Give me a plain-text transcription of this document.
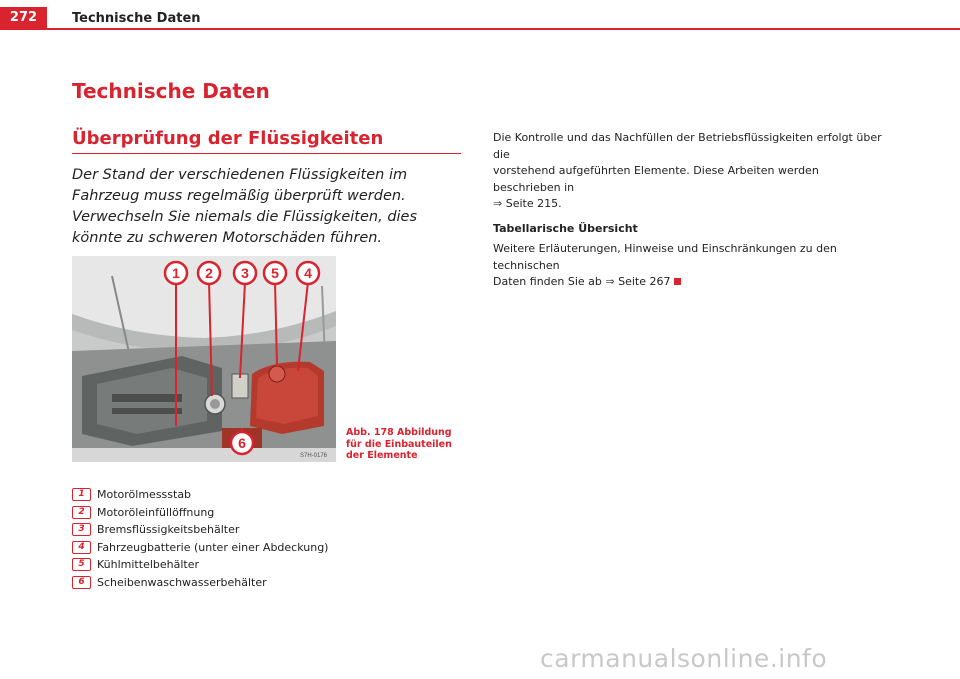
272	Technische Daten
Technische Daten
Überprüfung der Flüssigkeiten
Der Stand der verschiedenen Flüssigkeiten im Fahrzeug muss regelmäßig überprüft werden. Verwechseln Sie niemals die Flüssigkeiten, dies könnte zu schweren Motorschäden führen.
1 2 3 5 4
6
S7H-0176
Abb. 178 Abbildung für die Einbauteilen der Elemente
1	Motorölmessstab
2	Motoröleinfüllöffnung
3	Bremsflüssigkeitsbehälter
4	Fahrzeugbatterie (unter einer Abdeckung)
5	Kühlmittelbehälter
6	Scheibenwaschwasserbehälter

Die Kontrolle und das Nachfüllen der Betriebsflüssigkeiten erfolgt über die
vorstehend aufgeführten Elemente. Diese Arbeiten werden beschrieben in
⇒ Seite 215.

Tabellarische Übersicht

Weitere Erläuterungen, Hinweise und Einschränkungen zu den technischen
Daten finden Sie ab ⇒ Seite 267

carmanualsonline.info
